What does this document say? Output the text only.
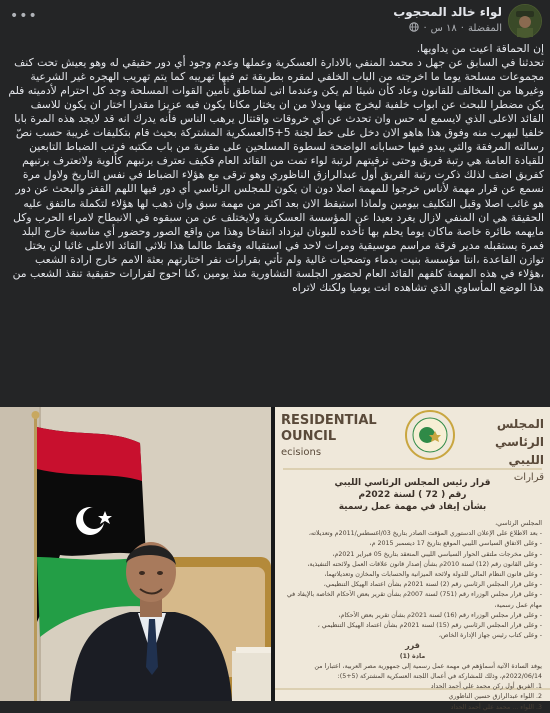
لواء خالد المحجوب
المفضلة
·
١٨ س
·
•••

إن الحماقة اعيت من يداويها.

تحدثنا في السابق عن جهل د محمد المنفي بالادارة العسكرية وعملها وعدم وجود أي دور حقيقي له وهو يعيش تحت كنف مجموعات مسلحة يوما ما اخرجته من الباب الخلفي لمقره بطريقة تم فيها تهريبه كما يتم تهريب الهجره غير الشرعية وغيرها من المخالف للقانون وعاد كأن شيئا لم يكن وعندما اتى لمناطق تأمين القوات المسلحة وجد كل احترام لأدميته فلم يكن مضطرا للبحث عن ابواب خلفية ليخرج منها وبدلا من ان يختار مكانا يكون فيه عزيزا مقدرا اختار ان يكون للاسف القائد الاعلى الذي لايسمع له حس وان تحدث عن أي خروقات واقتتال يرهب الناس فأنه يدرك انه قد لايجد هذه المرة بابا خلفيا ليهرب منه وفوق هذا هاهو الان دخل على خط لجنة 5+5العسكرية المشتركة بحيث قام بتكليفات غريبة حسب نصّ رسالته المرفقة والتي يبدو فيها حسابانه الواضحة لسطوة المسلحين على مقربة من باب مكتبه فرتب الضباط التابعين للقيادة العامة هي رتبة فريق وحتى ترقيتهم لرتبة لواء تمت من القائد العام فكيف تعترف برتبهم كألوية ولاتعترف برتبهم كفريق اضف لذلك ذكرت رتبة الفريق أول عبدالرازق الناظوري وهو ترقى مع هؤلاء الضباط في نفس التاريخ ولاول مرة نسمع عن قرار مهمة لأناس خرجوا للمهمة اصلا دون ان يكون للمجلس الرئاسي أي دور فيها اللهم القفز والبحث عن دور هو غائب اصلا وقبل التكليف بيومين ولماذا استيقظ الان بعد اكثر من مهمة سبق وان ذهب لها هؤلاء لتكملة مالتفق عليه الحقيقة هي ان المنفي لازال يغرد بعيدا عن المؤسسة العسكرية ولايختلف عن من سبقوه في الانبطاح لامراء الحرب وكل مايهمه طائرة خاصة ماكان يوما يحلم بها تأخده للبونان ليزداد انتفاخا وهذا من واقع الصور وحضور أي مناسبة خارج البلد فمرة يستقبله مدير فرقة مراسم موسيقية ومرات لاحد في استقباله وفقط طالما هذا ثلاثي القائد الاعلى غائبا لن يختل توازن القاعدة ،انتا مؤسسة بنيت بدماء وتضحيات غالية ولم تأتي بقرارات نفر اختارتهم بعثة الامم خارج ارادة الشعب ،هؤلاء في هذه المهمة كلفهم القائد العام لحضور الجلسة التشاورية منذ يومين ،كنا احوج لقرارات حقيقية تنقذ الشعب من هذا الوضع المأساوي الذي تشاهده انت يوميا ولكنك لاتراه

RESIDENTIAL
OUNCIL
ecisions
المجلس الرئاسي الليبي
قرارات
قرار رئيس المجلس الرئاسي الليبي
رقم ( 72 ) لسنة 2022م
بشأن إيفاد في مهمة عمل رسمية
المجلس الرئاسي،
- بعد الاطلاع على الإعلان الدستوري المؤقت الصادر بتاريخ 03/اغسطس/2011م وتعديلاته،
- وعلى الاتفاق السياسي الليبي الموقع بتاريخ 17 ديسمبر 2015 م،
- وعلى مخرجات ملتقى الحوار السياسي الليبي المنعقد بتاريخ 05 فبراير 2021م،
- وعلى القانون رقم (12) لسنة 2010م بشأن إصدار قانون علاقات العمل ولائحته التنفيذية،
- وعلى قانون النظام المالي للدولة ولائحة الميزانية والحسابات والمخازن وتعديلاتهما،
- وعلى قرار المجلس الرئاسي رقم (2) لسنة 2021م بشأن اعتماد الهيكل التنظيمي،
- وعلى قرار مجلس الوزراء رقم (751) لسنة 2007م بشأن تقرير بعض الأحكام الخاصة بالإيفاد في مهام عمل رسمية،
- وعلى قرار مجلس الوزراء رقم (16) لسنة 2021م بشأن تقرير بعض الأحكام،
- وعلى قرار المجلس الرئاسي رقم (15) لسنة 2021م بشأن اعتماد الهيكل التنظيمي ،
- وعلى كتاب رئيس جهاز الإدارة الخاص،
قرر
مادة (1)
يوفد السادة الآتية أسماؤهم في مهمة عمل رسمية إلى جمهورية مصر العربية، اعتبارا من 2022/06/14م، وذلك للمشاركة في أعمال اللجنة العسكرية المشتركة (5+5):
1. الفريق أول ركن محمد علي أحمد الحداد
2. اللواء عبدالرازق حسين الناظوري
3. اللواء ... محمد علي أحمد الحداد
